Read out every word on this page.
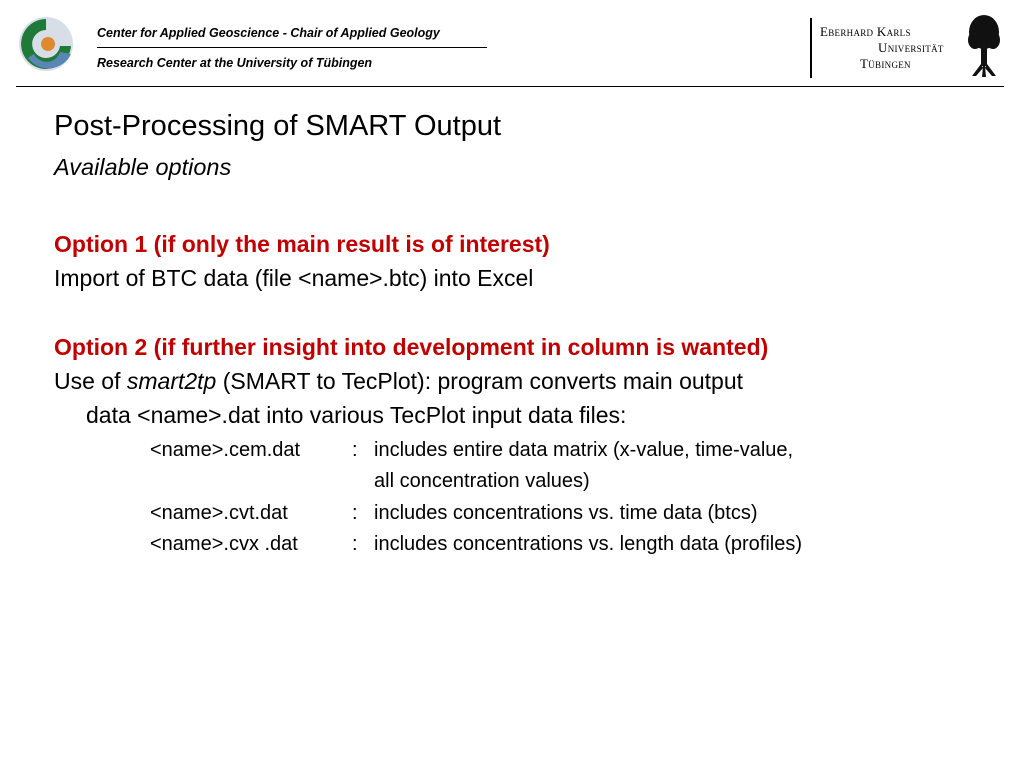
Center for Applied Geoscience - Chair of Applied Geology
Research Center at the University of Tübingen
Eberhard Karls
Universität
Tübingen
Post-Processing of SMART Output
Available options
Option 1 (if only the main result is of interest)
Import of BTC data (file <name>.btc) into Excel
Option 2 (if further insight into development in column is wanted)
Use of smart2tp (SMART to TecPlot): program converts main output
data <name>.dat into various TecPlot input data files:
<name>.cem.dat	: includes entire data matrix (x-value, time-value,
all concentration values)
<name>.cvt.dat	: includes concentrations vs. time data (btcs)
<name>.cvx .dat	: includes concentrations vs. length data (profiles)
